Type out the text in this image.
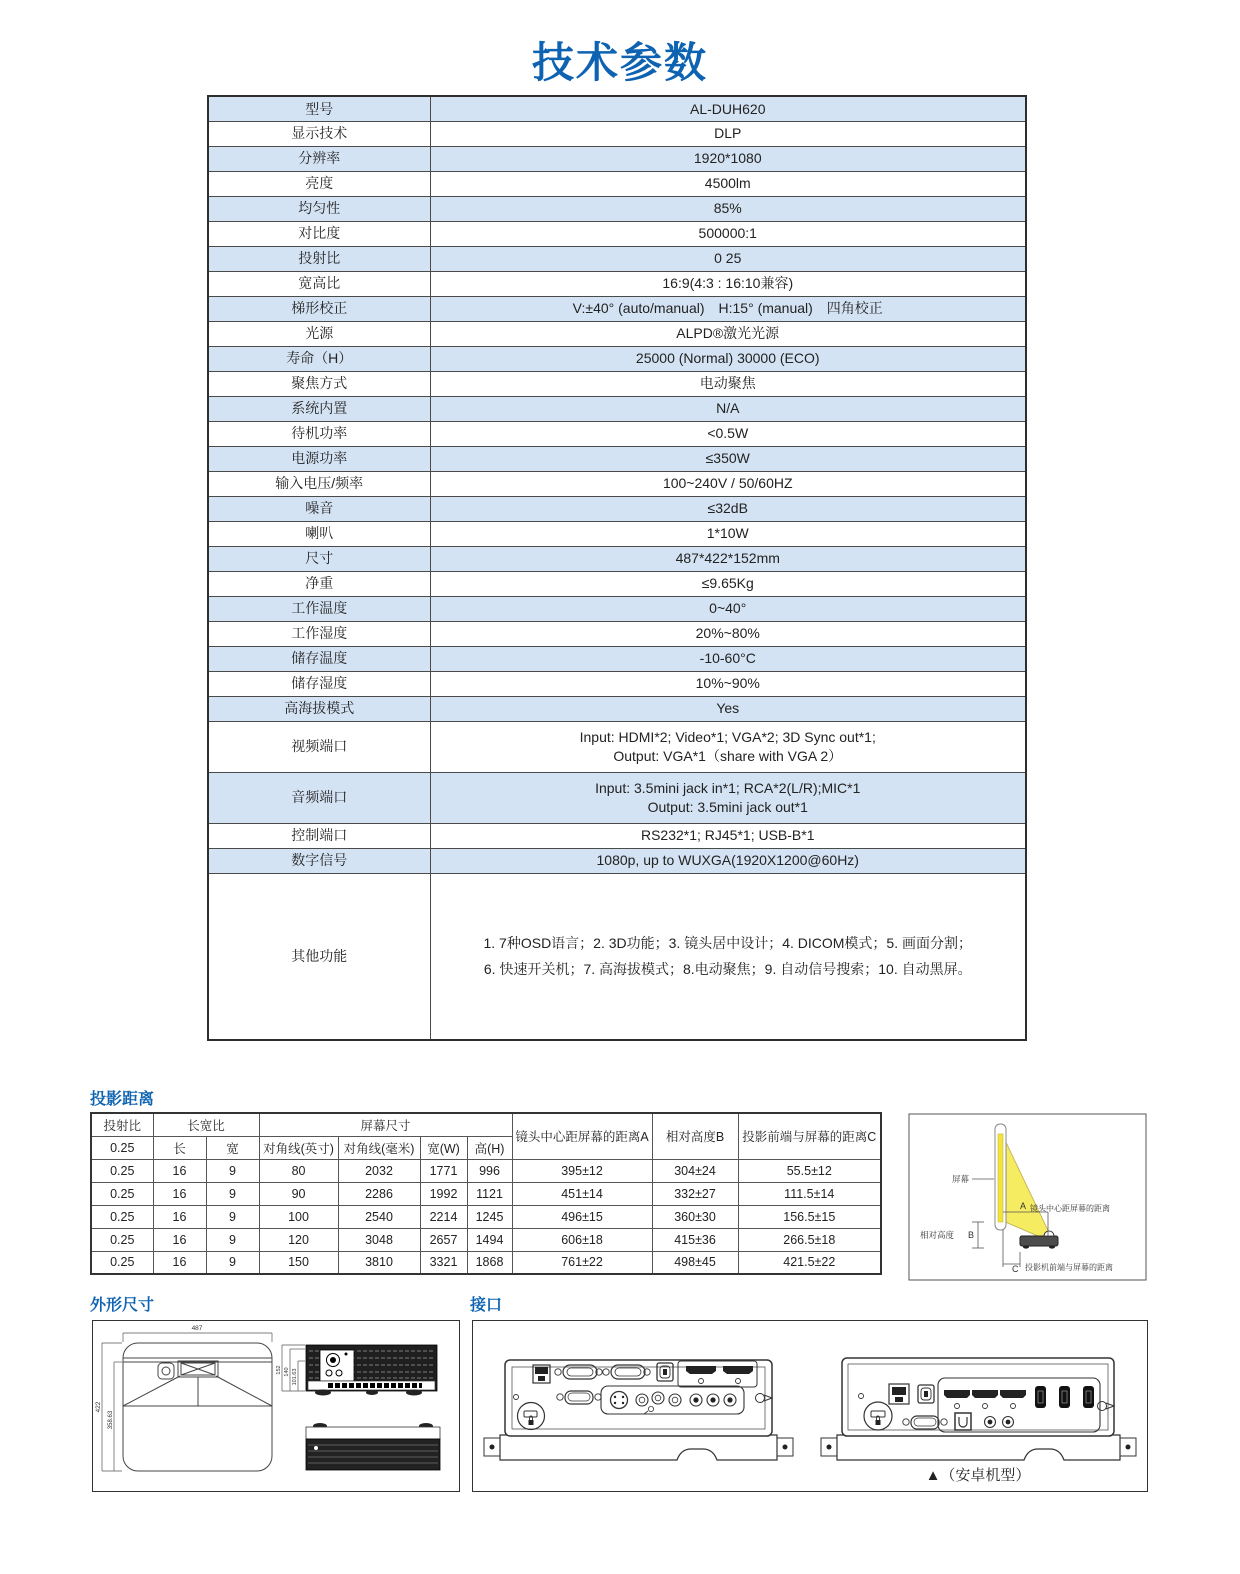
技术参数
型号	AL-DUH620
显示技术	DLP
分辨率	1920*1080
亮度	4500lm
均匀性	85%
对比度	500000:1
投射比	0 25
宽高比	16:9(4:3 : 16:10兼容)
梯形校正	V:±40° (auto/manual)　H:15° (manual)　四角校正
光源	ALPD®激光光源
寿命（H）	25000 (Normal) 30000 (ECO)
聚焦方式	电动聚焦
系统内置	N/A
待机功率	<0.5W
电源功率	≤350W
输入电压/频率	100~240V / 50/60HZ
噪音	≤32dB
喇叭	1*10W
尺寸	487*422*152mm
净重	≤9.65Kg
工作温度	0~40°
工作湿度	20%~80%
储存温度	-10-60°C
储存湿度	10%~90%
高海拔模式	Yes
视频端口	Input: HDMI*2; Video*1; VGA*2; 3D Sync out*1;
Output: VGA*1（share with VGA 2）

音频端口	Input: 3.5mini jack in*1; RCA*2(L/R);MIC*1
Output: 3.5mini jack out*1

控制端口	RS232*1; RJ45*1; USB-B*1
数字信号	1080p, up to WUXGA(1920X1200@60Hz)
其他功能	1. 7种OSD语言；2. 3D功能；3. 镜头居中设计；4. DICOM模式；5. 画面分割；
6. 快速开关机；7. 高海拔模式；8.电动聚焦；9. 自动信号搜索；10. 自动黑屏。
投影距离
投射比	长宽比		屏幕尺寸				镜头中心距屏幕的距离A	相对高度B	投影前端与屏幕的距离C
0.25	长	宽	对角线(英寸)	对角线(毫米)	宽(W)	高(H)			
0.25	16	9	80	2032	1771	996	395±12	304±24	55.5±12
0.25	16	9	90	2286	1992	1121	451±14	332±27	111.5±14
0.25	16	9	100	2540	2214	1245	496±15	360±30	156.5±15
0.25	16	9	120	3048	2657	1494	606±18	415±36	266.5±18
0.25	16	9	150	3810	3321	1868	761±22	498±45	421.5±22
A 镜头中心距屏幕的距离
屏幕
相对高度 B
C 投影机前端与屏幕的距离
外形尺寸
487
422
358.63
152 140 101.63
接口
▲（安卓机型）
